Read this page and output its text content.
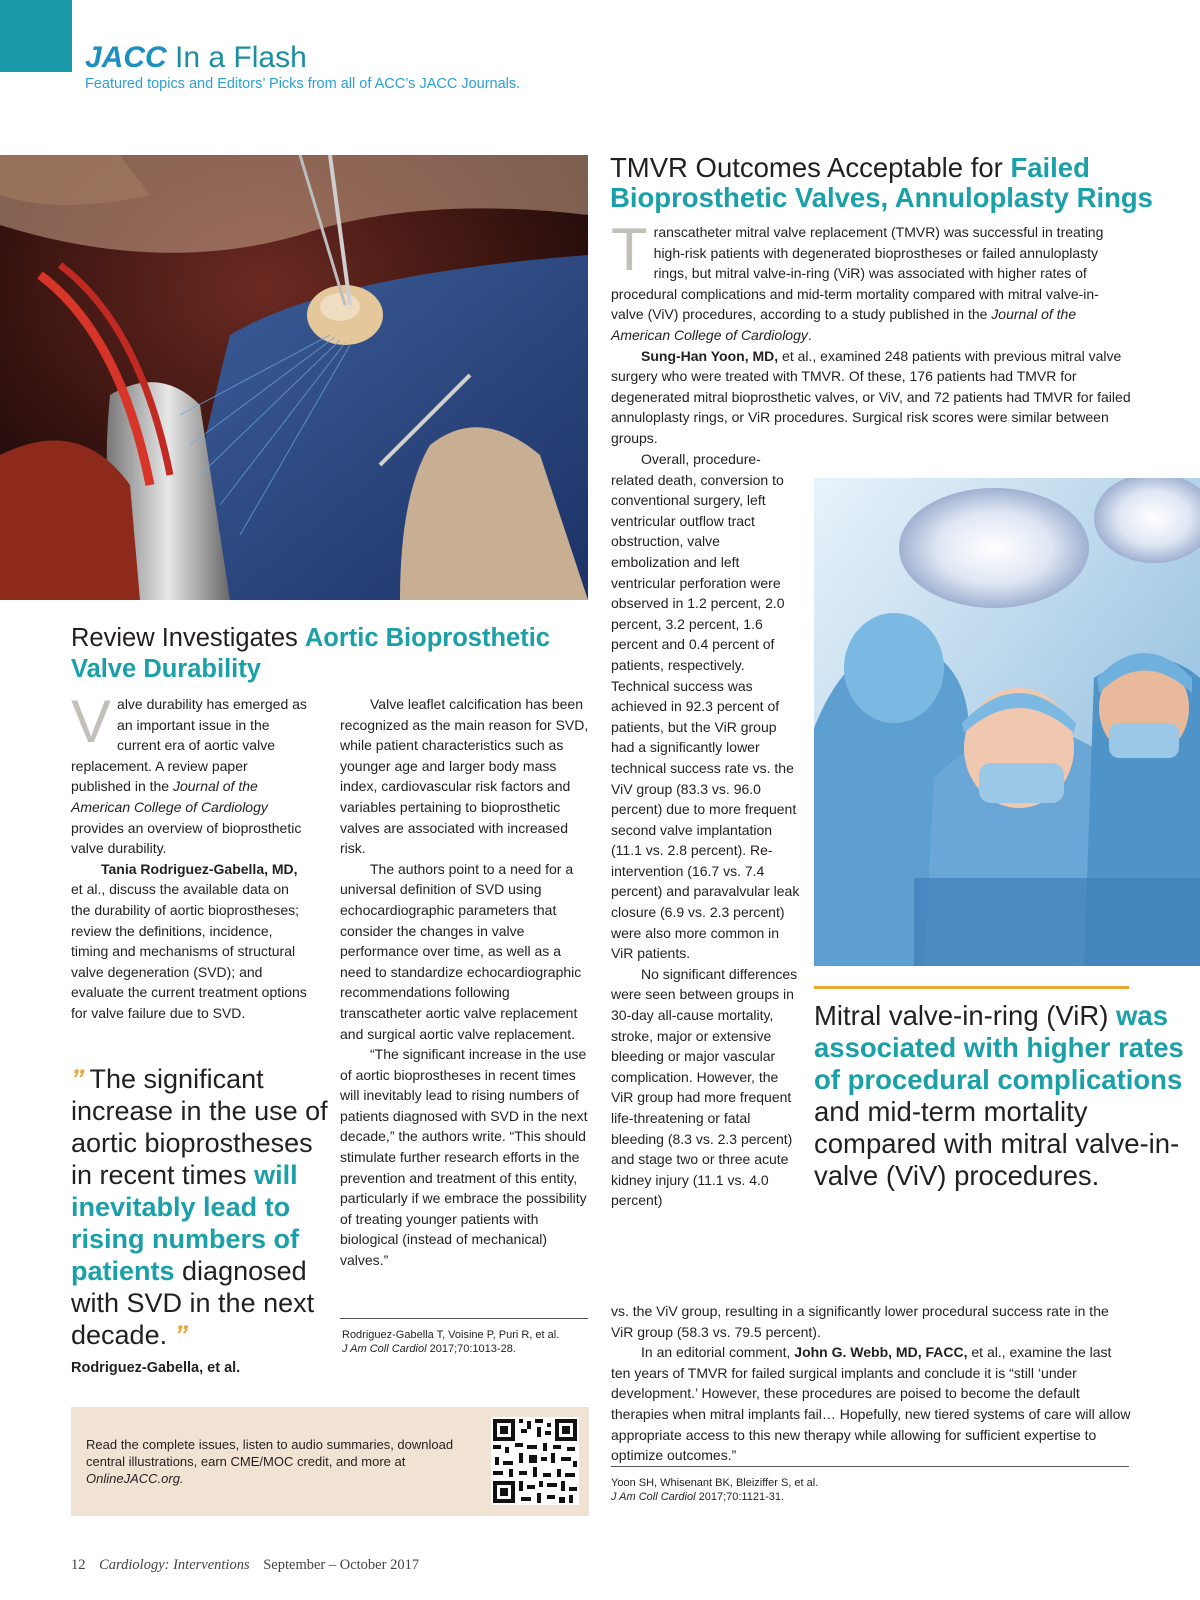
JACC In a Flash
Featured topics and Editors’ Picks from all of ACC’s JACC Journals.
Review Investigates Aortic Bioprosthetic Valve Durability

Valve durability has emerged as an important issue in the current era of aortic valve replacement. A review paper published in the Journal of the American College of Cardiology provides an overview of bioprosthetic valve durability.

Tania Rodriguez-Gabella, MD, et al., discuss the available data on the durability of aortic bioprostheses; review the definitions, incidence, timing and mechanisms of structural valve degeneration (SVD); and evaluate the current treatment options for valve failure due to SVD.

Valve leaflet calcification has been recognized as the main reason for SVD, while patient characteristics such as younger age and larger body mass index, cardiovascular risk factors and variables pertaining to bioprosthetic valves are associated with increased risk.

The authors point to a need for a universal definition of SVD using echocardiographic parameters that consider the changes in valve performance over time, as well as a need to standardize echocardiographic recommendations following transcatheter aortic valve replacement and surgical aortic valve replacement.

“The significant increase in the use of aortic bioprostheses in recent times will inevitably lead to rising numbers of patients diagnosed with SVD in the next decade,” the authors write. “This should stimulate further research efforts in the prevention and treatment of this entity, particularly if we embrace the possibility of treating younger patients with biological (instead of mechanical) valves.”

Rodriguez-Gabella T, Voisine P, Puri R, et al.
J Am Coll Cardiol 2017;70:1013-28.
” The significant increase in the use of aortic bioprostheses in recent times will inevitably lead to rising numbers of patients diagnosed with SVD in the next decade. ”
Rodriguez-Gabella, et al.
TMVR Outcomes Acceptable for Failed Bioprosthetic Valves, Annuloplasty Rings

Transcatheter mitral valve replacement (TMVR) was successful in treating high-risk patients with degenerated bioprostheses or failed annuloplasty rings, but mitral valve-in-ring (ViR) was associated with higher rates of procedural complications and mid-term mortality compared with mitral valve-in-valve (ViV) procedures, according to a study published in the Journal of the American College of Cardiology.

Sung-Han Yoon, MD, et al., examined 248 patients with previous mitral valve surgery who were treated with TMVR. Of these, 176 patients had TMVR for degenerated mitral bioprosthetic valves, or ViV, and 72 patients had TMVR for failed annuloplasty rings, or ViR procedures. Surgical risk scores were similar between groups.

Overall, procedure-related death, conversion to conventional surgery, left ventricular outflow tract obstruction, valve embolization and left ventricular perforation were observed in 1.2 percent, 2.0 percent, 3.2 percent, 1.6 percent and 0.4 percent of patients, respectively. Technical success was achieved in 92.3 percent of patients, but the ViR group had a significantly lower technical success rate vs. the ViV group (83.3 vs. 96.0 percent) due to more frequent second valve implantation (11.1 vs. 2.8 percent). Re-intervention (16.7 vs. 7.4 percent) and paravalvular leak closure (6.9 vs. 2.3 percent) were also more common in ViR patients.

No significant differences were seen between groups in 30-day all-cause mortality, stroke, major or extensive bleeding or major vascular complication. However, the ViR group had more frequent life-threatening or fatal bleeding (8.3 vs. 2.3 percent) and stage two or three acute kidney injury (11.1 vs. 4.0 percent)

Mitral valve-in-ring (ViR) was associated with higher rates of procedural complications and mid-term mortality compared with mitral valve-in-valve (ViV) procedures.

vs. the ViV group, resulting in a significantly lower procedural success rate in the ViR group (58.3 vs. 79.5 percent).

In an editorial comment, John G. Webb, MD, FACC, et al., examine the last ten years of TMVR for failed surgical implants and conclude it is “still ‘under development.’ However, these procedures are poised to become the default therapies when mitral implants fail… Hopefully, new tiered systems of care will allow appropriate access to this new therapy while allowing for sufficient expertise to optimize outcomes.”

Yoon SH, Whisenant BK, Bleiziffer S, et al.
J Am Coll Cardiol 2017;70:1121-31.
Read the complete issues, listen to audio summaries, download central illustrations, earn CME/MOC credit, and more at OnlineJACC.org.
12 Cardiology: Interventions September – October 2017
